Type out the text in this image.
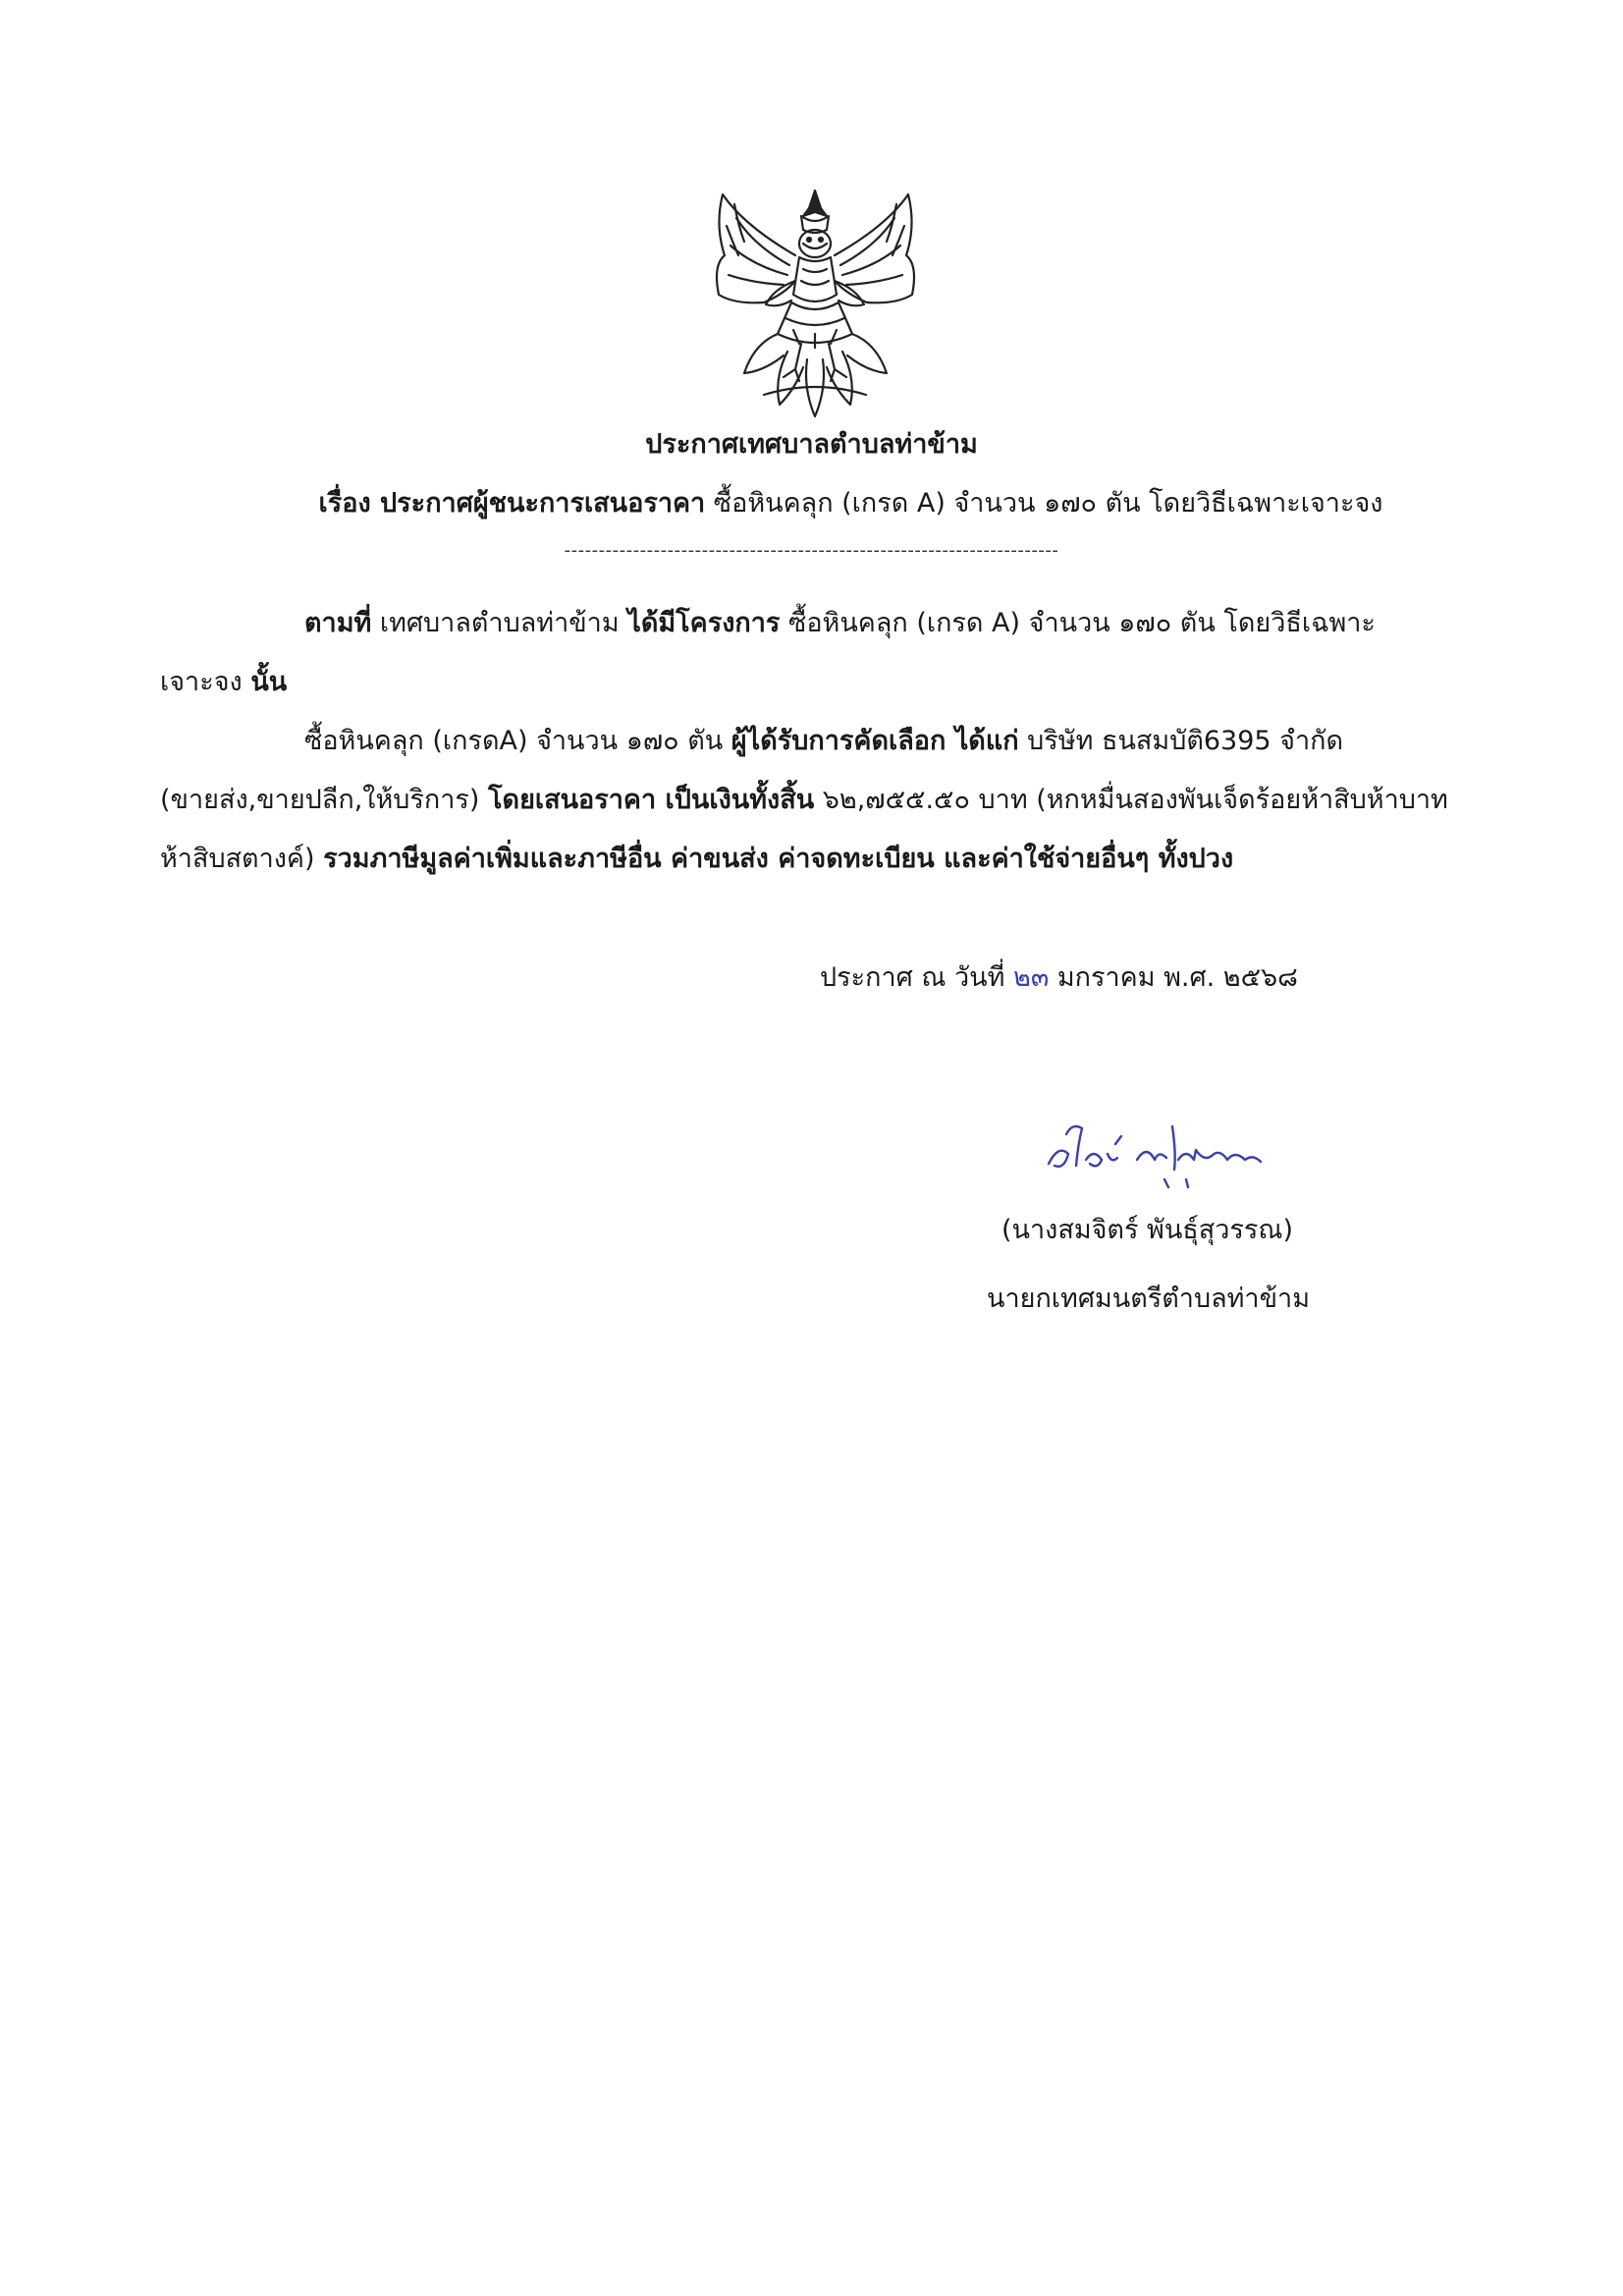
ประกาศเทศบาลตำบลท่าข้าม
เรื่อง ประกาศผู้ชนะการเสนอราคา ซื้อหินคลุก (เกรด A) จำนวน ๑๗๐ ตัน โดยวิธีเฉพาะเจาะจง
------------------------------------------------------------------------
ตามที่ เทศบาลตำบลท่าข้าม ได้มีโครงการ ซื้อหินคลุก (เกรด A) จำนวน ๑๗๐ ตัน โดยวิธีเฉพาะ
เจาะจง นั้น
ซื้อหินคลุก (เกรดA) จำนวน ๑๗๐ ตัน ผู้ได้รับการคัดเลือก ได้แก่ บริษัท ธนสมบัติ6395 จำกัด
(ขายส่ง,ขายปลีก,ให้บริการ) โดยเสนอราคา เป็นเงินทั้งสิ้น ๖๒,๗๕๕.๕๐ บาท (หกหมื่นสองพันเจ็ดร้อยห้าสิบห้าบาท
ห้าสิบสตางค์) รวมภาษีมูลค่าเพิ่มและภาษีอื่น ค่าขนส่ง ค่าจดทะเบียน และค่าใช้จ่ายอื่นๆ ทั้งปวง
ประกาศ ณ วันที่ ๒๓ มกราคม พ.ศ. ๒๕๖๘
(นางสมจิตร์ พันธุ์สุวรรณ)
นายกเทศมนตรีตำบลท่าข้าม
